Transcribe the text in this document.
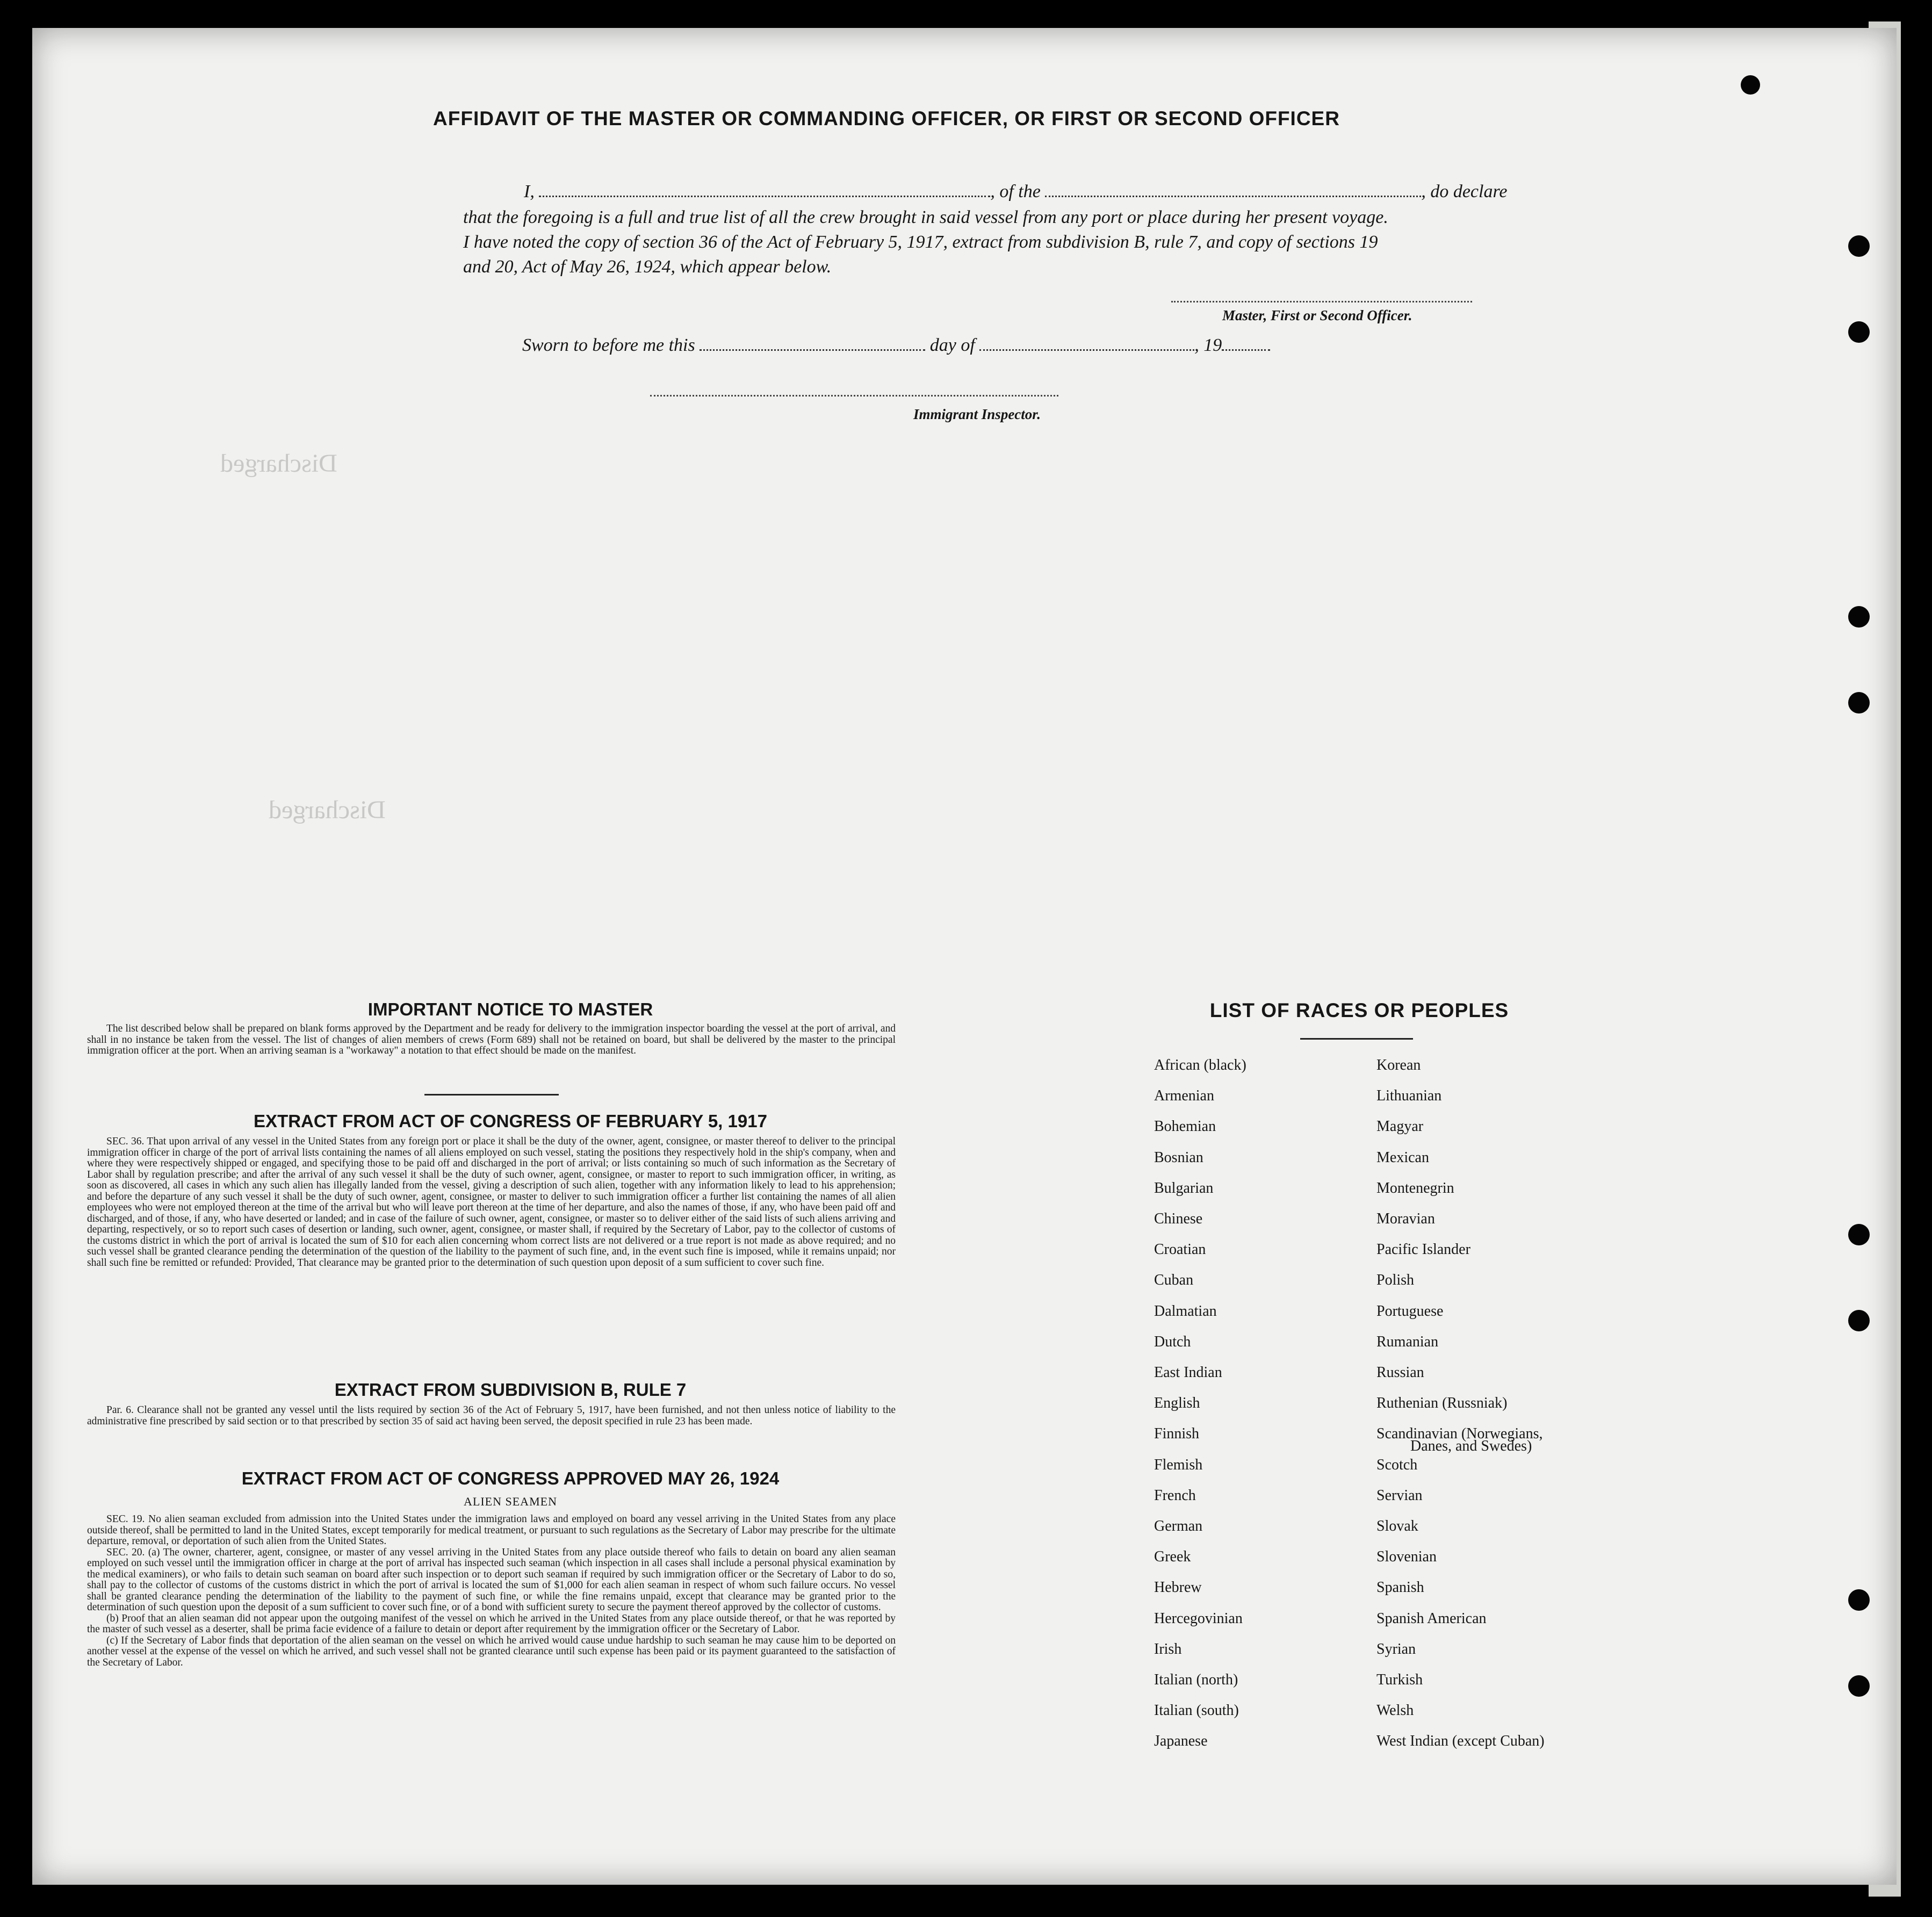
Discharged
Discharged
AFFIDAVIT OF THE MASTER OR COMMANDING OFFICER, OR FIRST OR SECOND OFFICER
I,	, of the	, do declare
that the foregoing is a full and true list of all the crew brought in said vessel from any port or place during her present voyage.
I have noted the copy of section 36 of the Act of February 5, 1917, extract from subdivision B, rule 7, and copy of sections 19
and 20, Act of May 26, 1924, which appear below.
Master, First or Second Officer.
Sworn to before me this	day of	, 19
Immigrant Inspector.
IMPORTANT NOTICE TO MASTER

The list described below shall be prepared on blank forms approved by the Department and be ready for delivery to the immigration inspector boarding the vessel at the port of arrival, and shall in no instance be taken from the vessel. The list of changes of alien members of crews (Form 689) shall not be retained on board, but shall be delivered by the master to the principal immigration officer at the port. When an arriving seaman is a "workaway" a notation to that effect should be made on the manifest.

EXTRACT FROM ACT OF CONGRESS OF FEBRUARY 5, 1917

SEC. 36. That upon arrival of any vessel in the United States from any foreign port or place it shall be the duty of the owner, agent, consignee, or master thereof to deliver to the principal immigration officer in charge of the port of arrival lists containing the names of all aliens employed on such vessel, stating the positions they respectively hold in the ship's company, when and where they were respectively shipped or engaged, and specifying those to be paid off and discharged in the port of arrival; or lists containing so much of such information as the Secretary of Labor shall by regulation prescribe; and after the arrival of any such vessel it shall be the duty of such owner, agent, consignee, or master to report to such immigration officer, in writing, as soon as discovered, all cases in which any such alien has illegally landed from the vessel, giving a description of such alien, together with any information likely to lead to his apprehension; and before the departure of any such vessel it shall be the duty of such owner, agent, consignee, or master to deliver to such immigration officer a further list containing the names of all alien employees who were not employed thereon at the time of the arrival but who will leave port thereon at the time of her departure, and also the names of those, if any, who have been paid off and discharged, and of those, if any, who have deserted or landed; and in case of the failure of such owner, agent, consignee, or master so to deliver either of the said lists of such aliens arriving and departing, respectively, or so to report such cases of desertion or landing, such owner, agent, consignee, or master shall, if required by the Secretary of Labor, pay to the collector of customs of the customs district in which the port of arrival is located the sum of $10 for each alien concerning whom correct lists are not delivered or a true report is not made as above required; and no such vessel shall be granted clearance pending the determination of the question of the liability to the payment of such fine, and, in the event such fine is imposed, while it remains unpaid; nor shall such fine be remitted or refunded: Provided, That clearance may be granted prior to the determination of such question upon deposit of a sum sufficient to cover such fine.

EXTRACT FROM SUBDIVISION B, RULE 7

Par. 6. Clearance shall not be granted any vessel until the lists required by section 36 of the Act of February 5, 1917, have been furnished, and not then unless notice of liability to the administrative fine prescribed by said section or to that prescribed by section 35 of said act having been served, the deposit specified in rule 23 has been made.

EXTRACT FROM ACT OF CONGRESS APPROVED MAY 26, 1924
ALIEN SEAMEN

SEC. 19. No alien seaman excluded from admission into the United States under the immigration laws and employed on board any vessel arriving in the United States from any place outside thereof, shall be permitted to land in the United States, except temporarily for medical treatment, or pursuant to such regulations as the Secretary of Labor may prescribe for the ultimate departure, removal, or deportation of such alien from the United States.

SEC. 20. (a) The owner, charterer, agent, consignee, or master of any vessel arriving in the United States from any place outside thereof who fails to detain on board any alien seaman employed on such vessel until the immigration officer in charge at the port of arrival has inspected such seaman (which inspection in all cases shall include a personal physical examination by the medical examiners), or who fails to detain such seaman on board after such inspection or to deport such seaman if required by such immigration officer or the Secretary of Labor to do so, shall pay to the collector of customs of the customs district in which the port of arrival is located the sum of $1,000 for each alien seaman in respect of whom such failure occurs. No vessel shall be granted clearance pending the determination of the liability to the payment of such fine, or while the fine remains unpaid, except that clearance may be granted prior to the determination of such question upon the deposit of a sum sufficient to cover such fine, or of a bond with sufficient surety to secure the payment thereof approved by the collector of customs.

(b) Proof that an alien seaman did not appear upon the outgoing manifest of the vessel on which he arrived in the United States from any place outside thereof, or that he was reported by the master of such vessel as a deserter, shall be prima facie evidence of a failure to detain or deport after requirement by the immigration officer or the Secretary of Labor.

(c) If the Secretary of Labor finds that deportation of the alien seaman on the vessel on which he arrived would cause undue hardship to such seaman he may cause him to be deported on another vessel at the expense of the vessel on which he arrived, and such vessel shall not be granted clearance until such expense has been paid or its payment guaranteed to the satisfaction of the Secretary of Labor.

LIST OF RACES OR PEOPLES
African (black)
Armenian
Bohemian
Bosnian
Bulgarian
Chinese
Croatian
Cuban
Dalmatian
Dutch
East Indian
English
Finnish
Flemish
French
German
Greek
Hebrew
Hercegovinian
Irish
Italian (north)
Italian (south)
Japanese
Korean
Lithuanian
Magyar
Mexican
Montenegrin
Moravian
Pacific Islander
Polish
Portuguese
Rumanian
Russian
Ruthenian (Russniak)
Scandinavian (Norwegians,
Scotch
Servian
Slovak
Slovenian
Spanish
Spanish American
Syrian
Turkish
Welsh
West Indian (except Cuban)
Danes, and Swedes)
